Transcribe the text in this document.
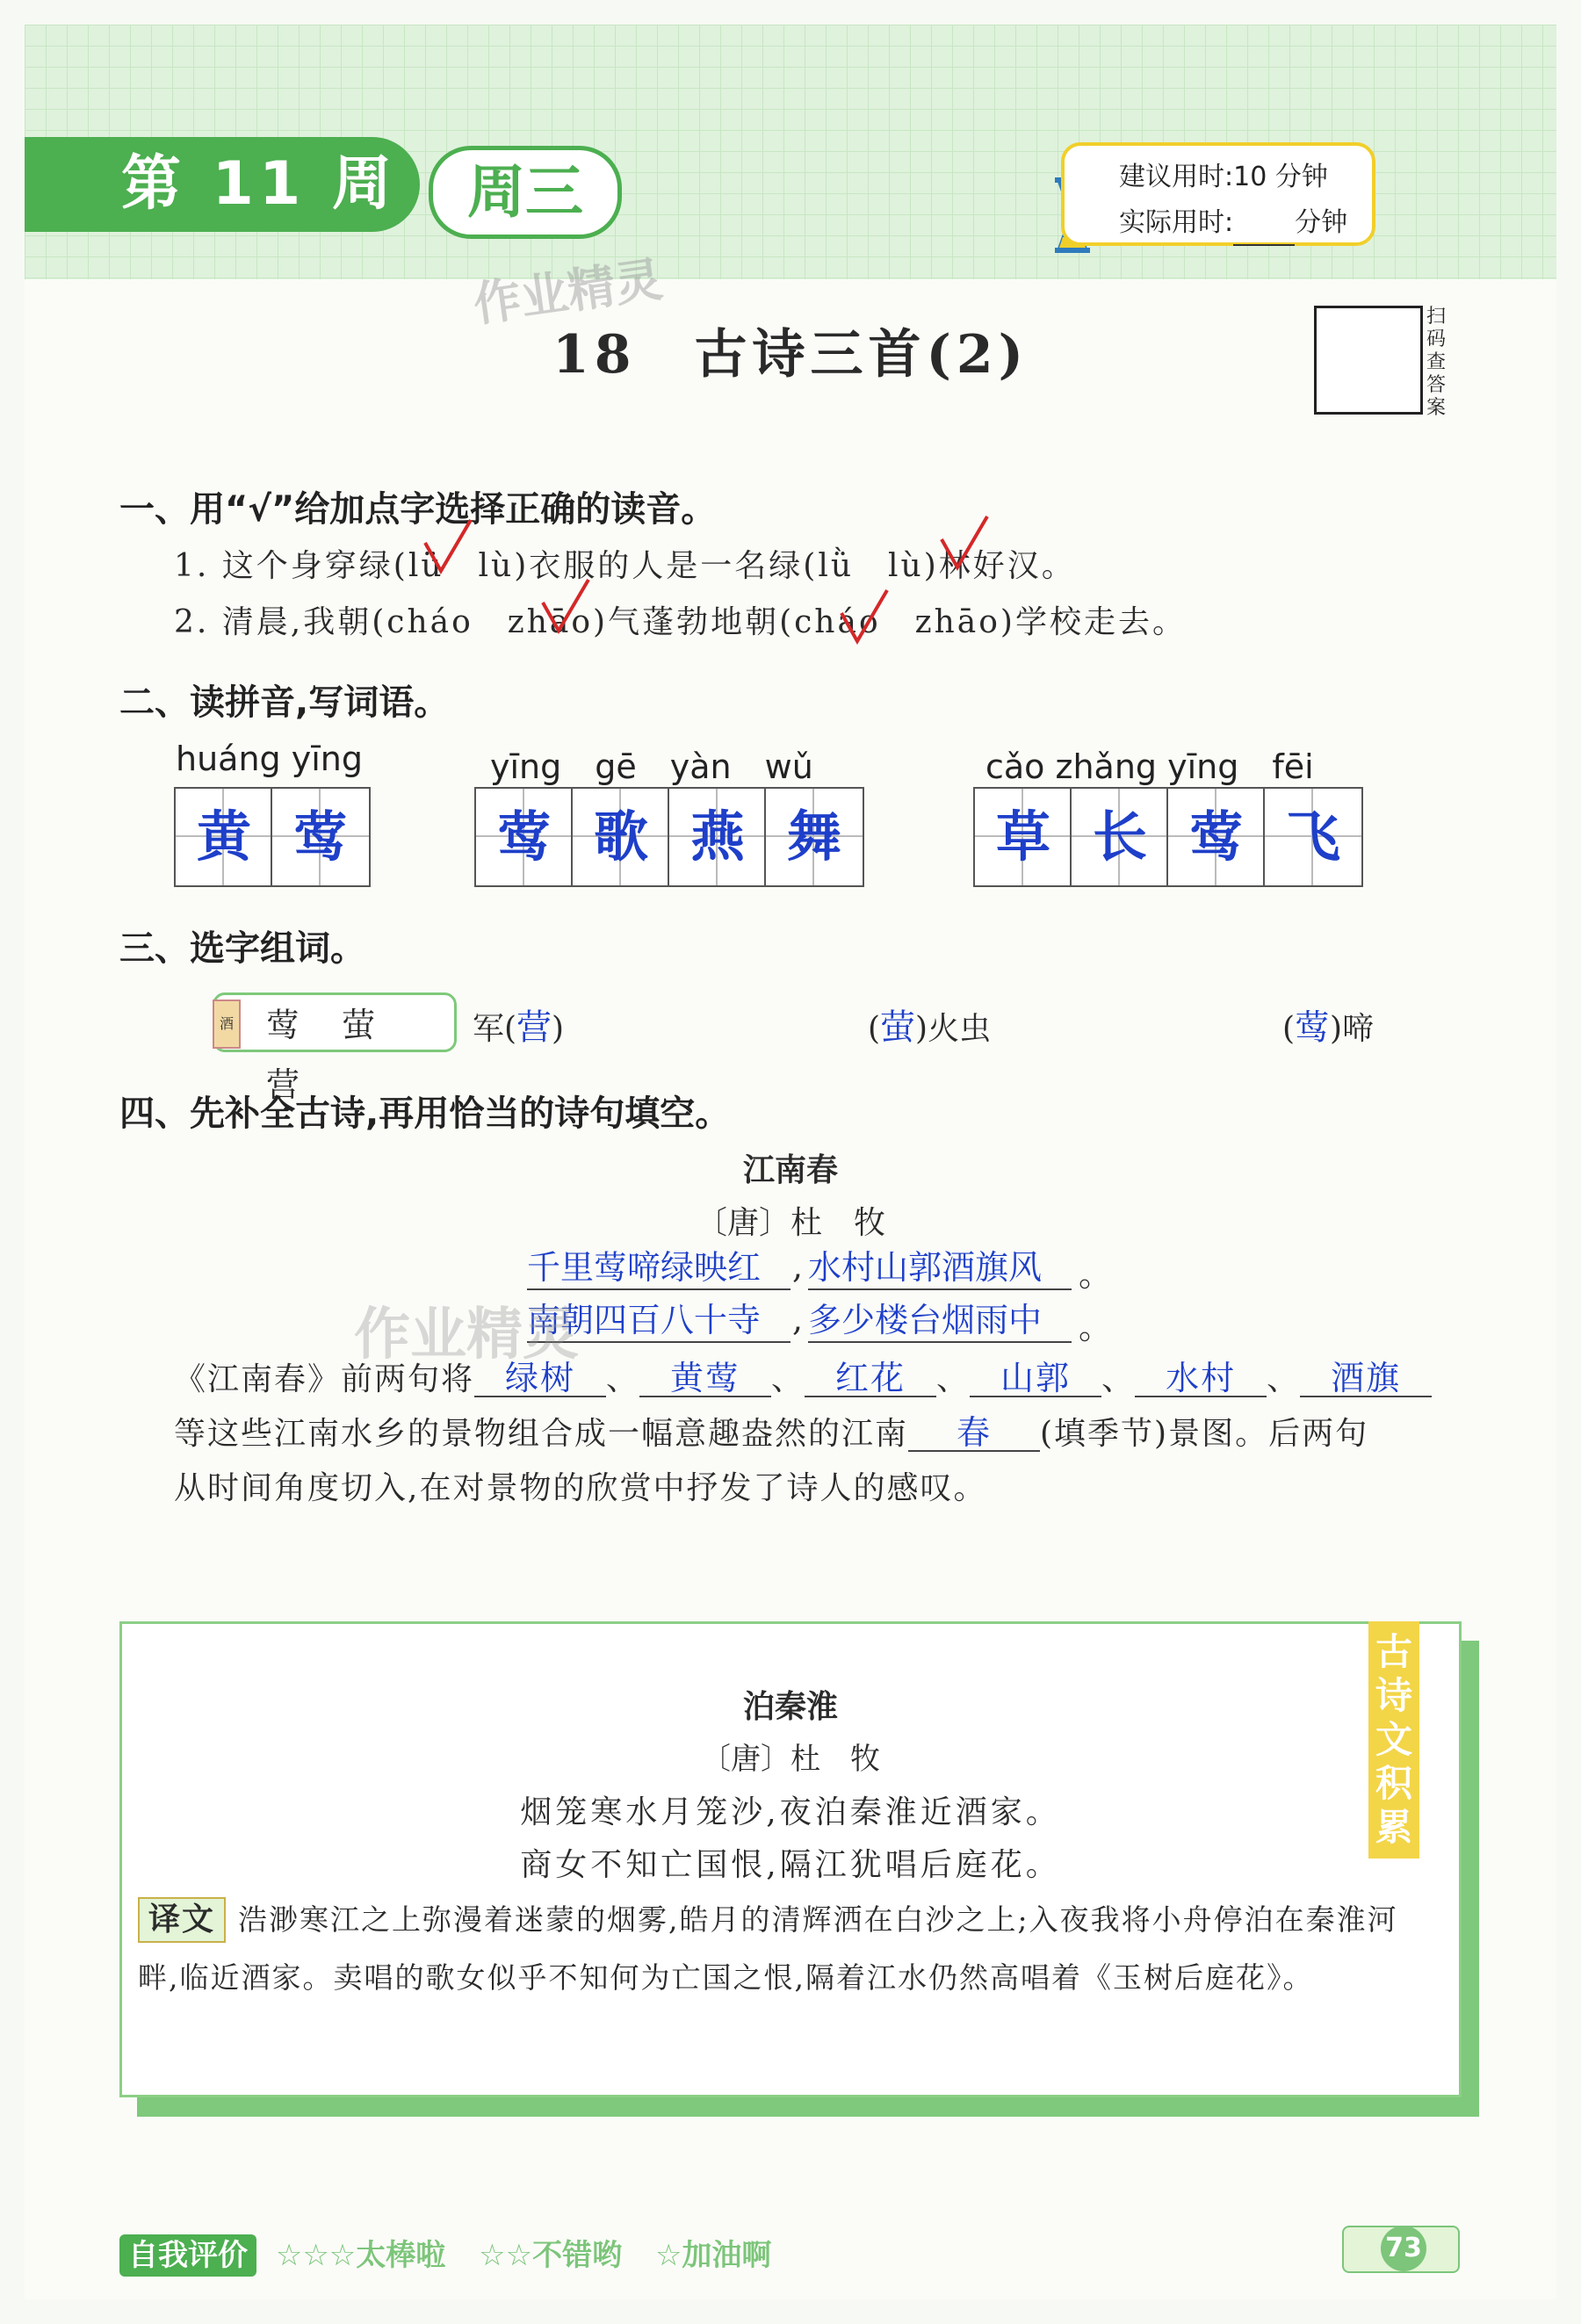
第 11 周	周三	建议用时:10 分钟
实际用时: 分钟
作业精灵
18　古诗三首(2)
扫码查答案
一、用“√”给加点字选择正确的读音。
1. 这个身穿绿(lǜ　lù)衣服的人是一名绿(lǜ　lù)林好汉。
2. 清晨,我朝(cháo　zhāo)气蓬勃地朝(cháo　zhāo)学校走去。
二、读拼音,写词语。
huáng yīng	yīng　gē　yàn　wǔ	cǎo zhǎng yīng　fēi
黄 莺	莺 歌 燕 舞	草 长 莺 飞
三、选字组词。
莺 萤 营
酒	军(营)	(萤)火虫	(莺)啼
四、先补全古诗,再用恰当的诗句填空。
江南春
〔唐〕杜　牧
千里莺啼绿映红	水村山郭酒旗风
南朝四百八十寺	多少楼台烟雨中
,	。
,	。
作业精灵
《江南春》前两句将 绿树 、 黄莺 、 红花 、 山郭 、 水村 、 酒旗
等这些江南水乡的景物组合成一幅意趣盎然的江南 春 (填季节)景图。后两句
从时间角度切入,在对景物的欣赏中抒发了诗人的感叹。
泊秦淮
〔唐〕杜　牧
烟笼寒水月笼沙,夜泊秦淮近酒家。
商女不知亡国恨,隔江犹唱后庭花。
译文 浩渺寒江之上弥漫着迷蒙的烟雾,皓月的清辉洒在白沙之上;入夜我将小舟停泊在秦淮河畔,临近酒家。卖唱的歌女似乎不知何为亡国之恨,隔着江水仍然高唱着《玉树后庭花》。
古诗文积累
自我评价 ☆☆☆太棒啦 ☆☆不错哟 ☆加油啊	73
